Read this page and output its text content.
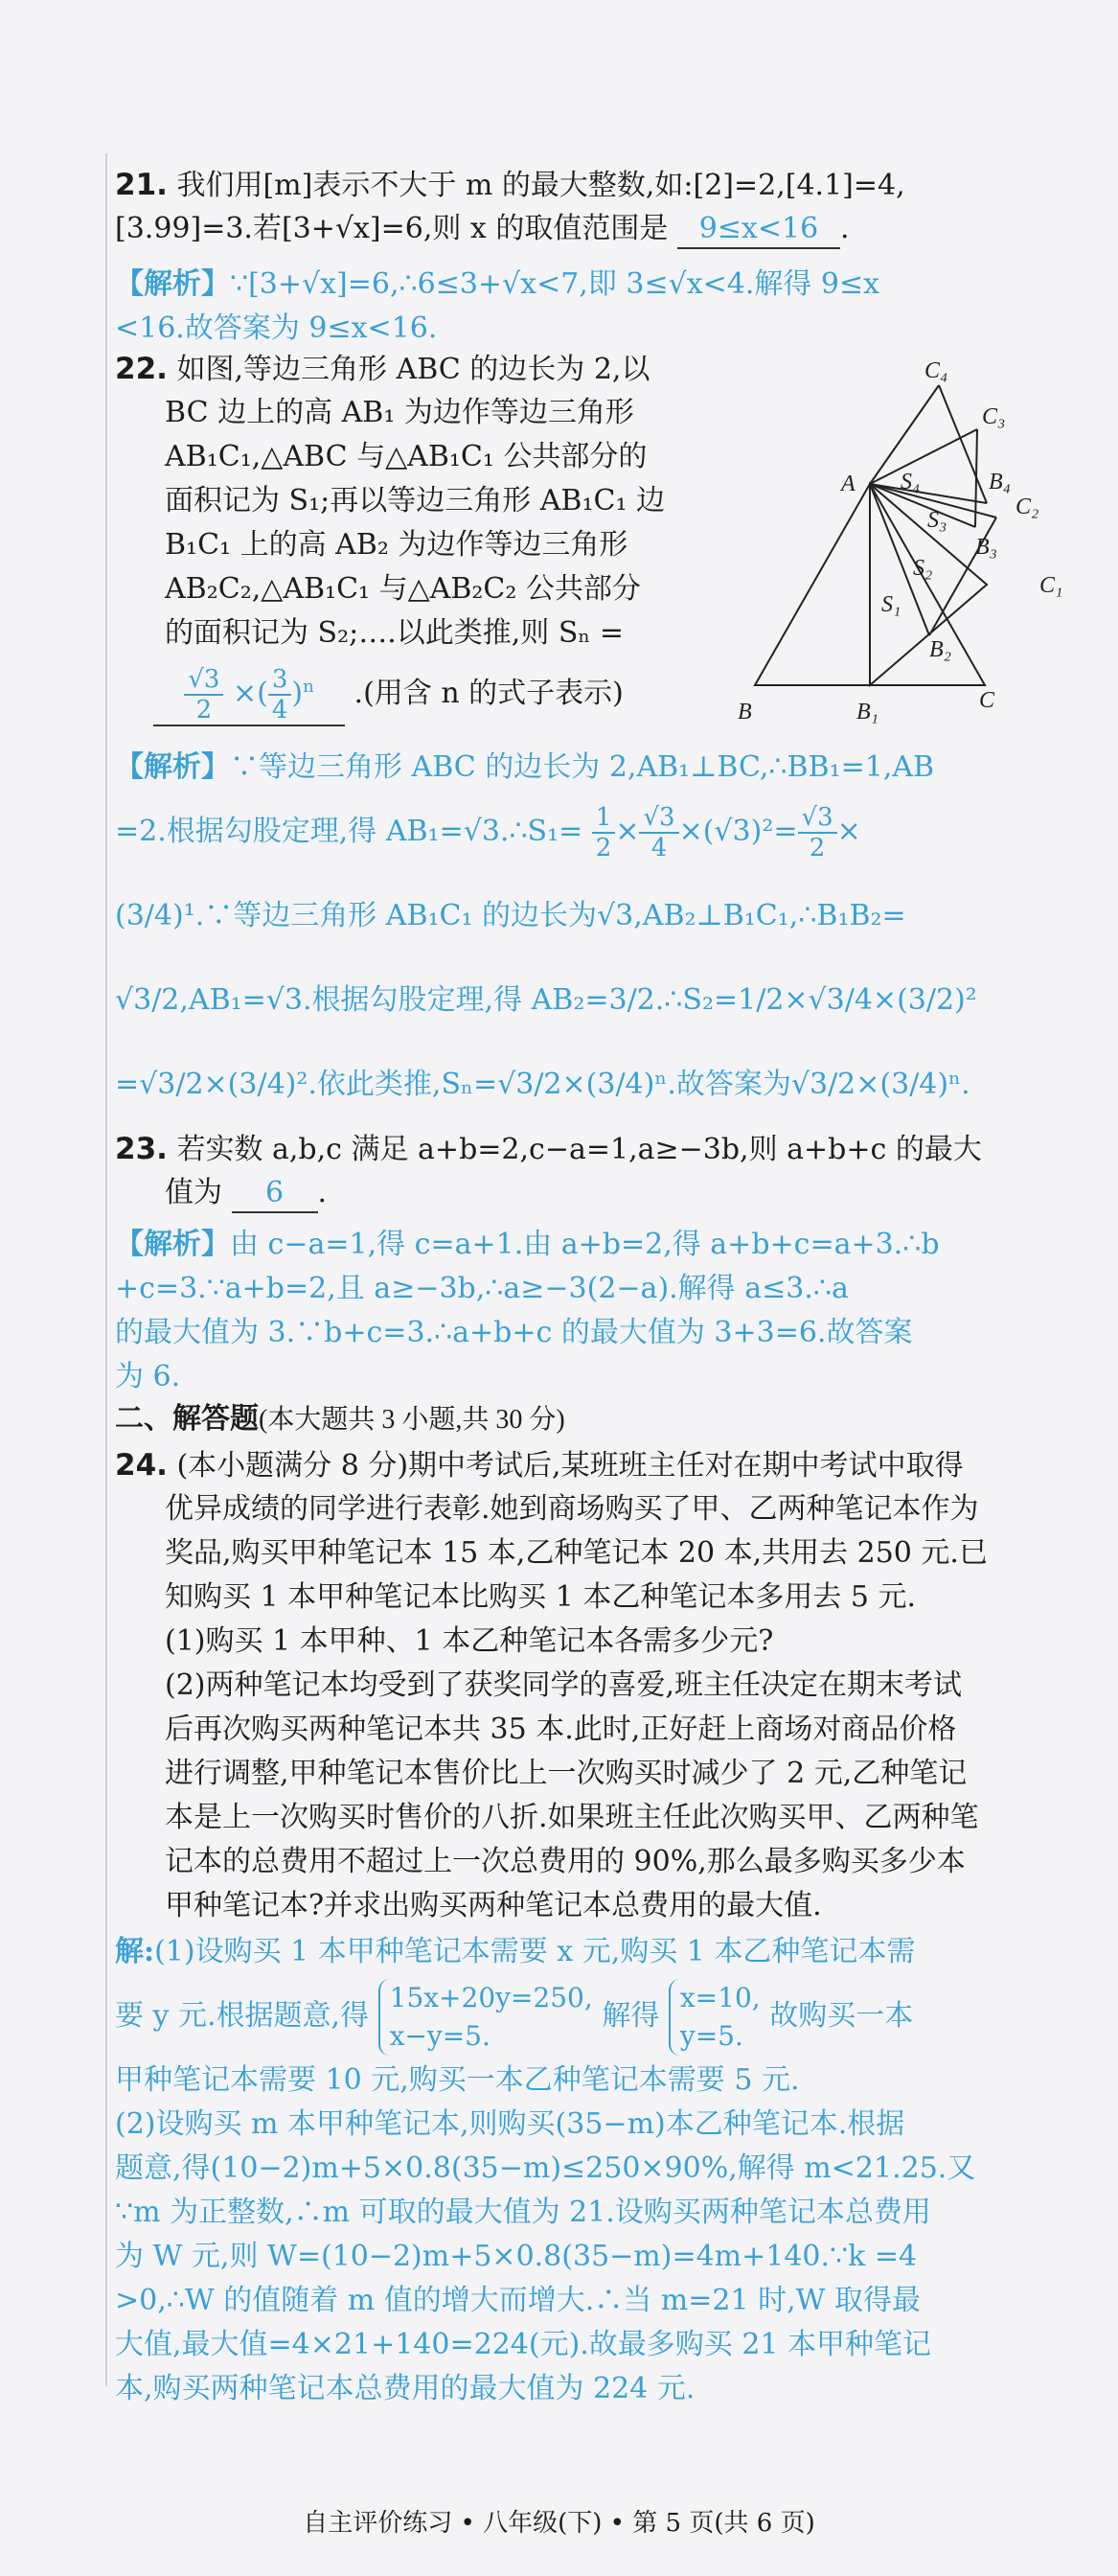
21. 我们用[m]表示不大于 m 的最大整数,如:[2]=2,[4.1]=4,
[3.99]=3.若[3+√x]=6,则 x 的取值范围是 9≤x<16 .
【解析】∵[3+√x]=6,∴6≤3+√x<7,即 3≤√x<4.解得 9≤x
<16.故答案为 9≤x<16.
22. 如图,等边三角形 ABC 的边长为 2,以
BC 边上的高 AB₁ 为边作等边三角形
AB₁C₁,△ABC 与△AB₁C₁ 公共部分的
面积记为 S₁;再以等边三角形 AB₁C₁ 边
B₁C₁ 上的高 AB₂ 为边作等边三角形
AB₂C₂,△AB₁C₁ 与△AB₂C₂ 公共部分
的面积记为 S₂;….以此类推,则 Sₙ =
$\frac{√3}{2}$ ×( $\frac{3}{4} )^n$ .(用含 n 的式子表示)
C₄
C₃
A S₄	B₄
C₂
S₃
B₃
S₂
C₁
S₁
B₂
B	B₁	C
【解析】∵等边三角形 ABC 的边长为 2,AB₁⊥BC,∴BB₁=1,AB
=2.根据勾股定理,得 AB₁=√3.∴S₁= $\frac{1}{2} \times \frac{√3}{4} \times(√3)^2= \frac{√3}{2}$ ×
(3/4)¹.∵等边三角形 AB₁C₁ 的边长为√3,AB₂⊥B₁C₁,∴B₁B₂=
√3/2,AB₁=√3.根据勾股定理,得 AB₂=3/2.∴S₂=1/2×√3/4×(3/2)²
=√3/2×(3/4)².依此类推,Sₙ=√3/2×(3/4)ⁿ.故答案为√3/2×(3/4)ⁿ.
23. 若实数 a,b,c 满足 a+b=2,c−a=1,a≥−3b,则 a+b+c 的最大
值为 6 .
【解析】由 c−a=1,得 c=a+1.由 a+b=2,得 a+b+c=a+3.∴b
+c=3.∵a+b=2,且 a≥−3b,∴a≥−3(2−a).解得 a≤3.∴a
的最大值为 3.∵b+c=3.∴a+b+c 的最大值为 3+3=6.故答案
为 6.
二、解答题(本大题共 3 小题,共 30 分)
24. (本小题满分 8 分)期中考试后,某班班主任对在期中考试中取得
优异成绩的同学进行表彰.她到商场购买了甲、乙两种笔记本作为
奖品,购买甲种笔记本 15 本,乙种笔记本 20 本,共用去 250 元.已
知购买 1 本甲种笔记本比购买 1 本乙种笔记本多用去 5 元.
(1)购买 1 本甲种、1 本乙种笔记本各需多少元?
(2)两种笔记本均受到了获奖同学的喜爱,班主任决定在期末考试
后再次购买两种笔记本共 35 本.此时,正好赶上商场对商品价格
进行调整,甲种笔记本售价比上一次购买时减少了 2 元,乙种笔记
本是上一次购买时售价的八折.如果班主任此次购买甲、乙两种笔
记本的总费用不超过上一次总费用的 90%,那么最多购买多少本
甲种笔记本?并求出购买两种笔记本总费用的最大值.
解:(1)设购买 1 本甲种笔记本需要 x 元,购买 1 本乙种笔记本需
要 y 元.根据题意,得
15x+20y=250,
x−y=5.
解得
x=10,
y=5.
故购买一本
甲种笔记本需要 10 元,购买一本乙种笔记本需要 5 元.
(2)设购买 m 本甲种笔记本,则购买(35−m)本乙种笔记本.根据
题意,得(10−2)m+5×0.8(35−m)≤250×90%,解得 m<21.25.又
∵m 为正整数,∴m 可取的最大值为 21.设购买两种笔记本总费用
为 W 元,则 W=(10−2)m+5×0.8(35−m)=4m+140.∵k =4
>0,∴W 的值随着 m 值的增大而增大.∴当 m=21 时,W 取得最
大值,最大值=4×21+140=224(元).故最多购买 21 本甲种笔记
本,购买两种笔记本总费用的最大值为 224 元.
自主评价练习 • 八年级(下) • 第 5 页(共 6 页)
